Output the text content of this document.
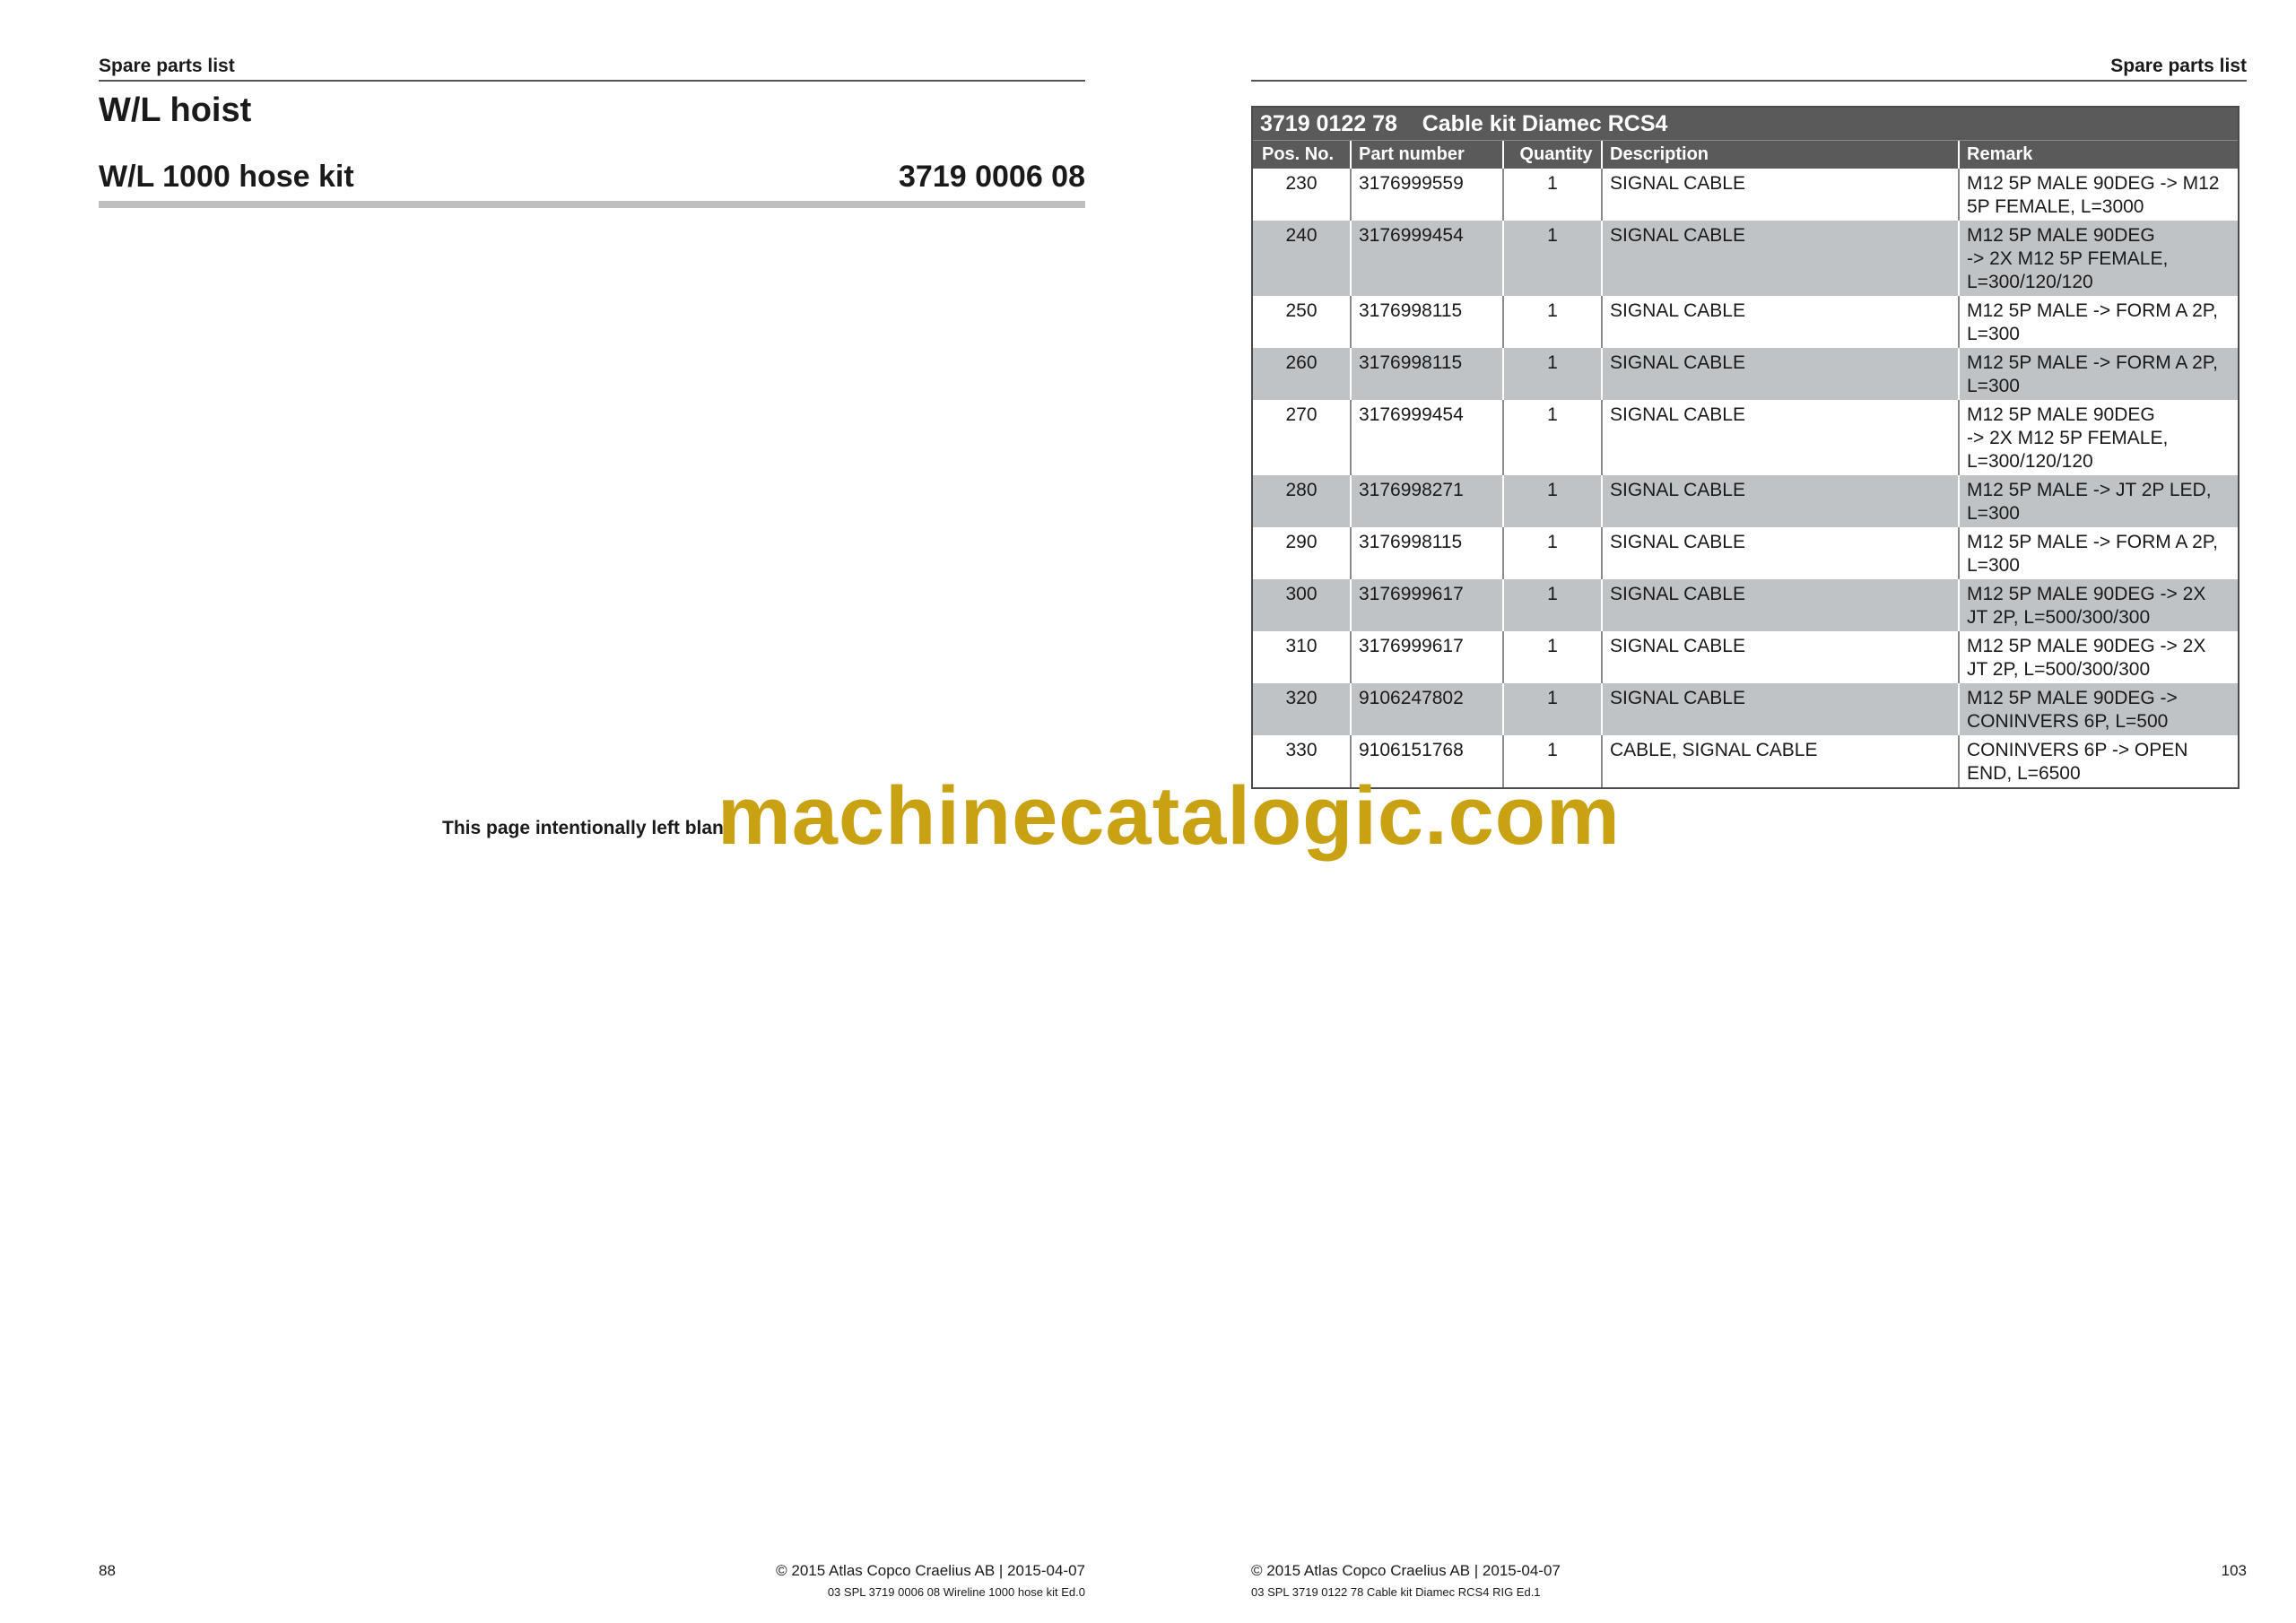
Spare parts list
W/L hoist
W/L 1000 hose kit	3719 0006 08
This page intentionally left blank
88	© 2015 Atlas Copco Craelius AB | 2015-04-07
03 SPL 3719 0006 08 Wireline 1000 hose kit Ed.0
Spare parts list
3719 0122 78    Cable kit Diamec RCS4
Pos. No.	Part number	Quantity Description	Remark
230	3176999559	1	SIGNAL CABLE	M12 5P MALE 90DEG -> M12
5P FEMALE, L=3000
240	3176999454	1	SIGNAL CABLE	M12 5P MALE 90DEG
-> 2X M12 5P FEMALE,
L=300/120/120
250	3176998115	1	SIGNAL CABLE	M12 5P MALE -> FORM A 2P,
L=300
260	3176998115	1	SIGNAL CABLE	M12 5P MALE -> FORM A 2P,
L=300
270	3176999454	1	SIGNAL CABLE	M12 5P MALE 90DEG
-> 2X M12 5P FEMALE,
L=300/120/120
280	3176998271	1	SIGNAL CABLE	M12 5P MALE -> JT 2P LED,
L=300
290	3176998115	1	SIGNAL CABLE	M12 5P MALE -> FORM A 2P,
L=300
300	3176999617	1	SIGNAL CABLE	M12 5P MALE 90DEG -> 2X
JT 2P, L=500/300/300
310	3176999617	1	SIGNAL CABLE	M12 5P MALE 90DEG -> 2X
JT 2P, L=500/300/300
320	9106247802	1	SIGNAL CABLE	M12 5P MALE 90DEG ->
CONINVERS 6P, L=500
330	9106151768	1	CABLE, SIGNAL CABLE	CONINVERS 6P -> OPEN
END, L=6500
103
© 2015 Atlas Copco Craelius AB | 2015-04-07
03 SPL 3719 0122 78 Cable kit Diamec RCS4 RIG Ed.1
machinecatalogic.com
